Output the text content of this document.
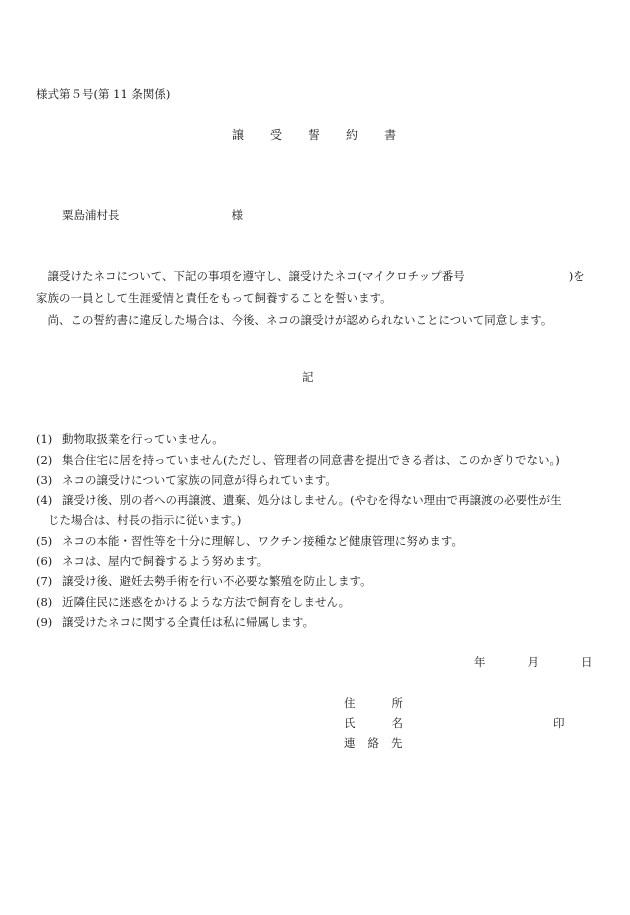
様式第５号(第 11 条関係)
譲 受 誓 約 書
粟島浦村長	様
　譲受けたネコについて、下記の事項を遵守し、譲受けたネコ(マイクロチップ番号	)を
家族の一員として生涯愛情と責任をもって飼養することを誓います。
　尚、この誓約書に違反した場合は、今後、ネコの譲受けが認められないことについて同意します。
記
(1) 動物取扱業を行っていません。
(2) 集合住宅に居を持っていません(ただし、管理者の同意書を提出できる者は、このかぎりでない。)
(3) ネコの譲受けについて家族の同意が得られています。
(4) 譲受け後、別の者への再譲渡、遺棄、処分はしません。(やむを得ない理由で再譲渡の必要性が生
じた場合は、村長の指示に従います。)
(5) ネコの本能・習性等を十分に理解し、ワクチン接種など健康管理に努めます。
(6) ネコは、屋内で飼養するよう努めます。
(7) 譲受け後、避妊去勢手術を行い不必要な繁殖を防止します。
(8) 近隣住民に迷惑をかけるような方法で飼育をしません。
(9) 譲受けたネコに関する全責任は私に帰属します。
年	月	日
住	所
氏	名	印
連 絡 先
